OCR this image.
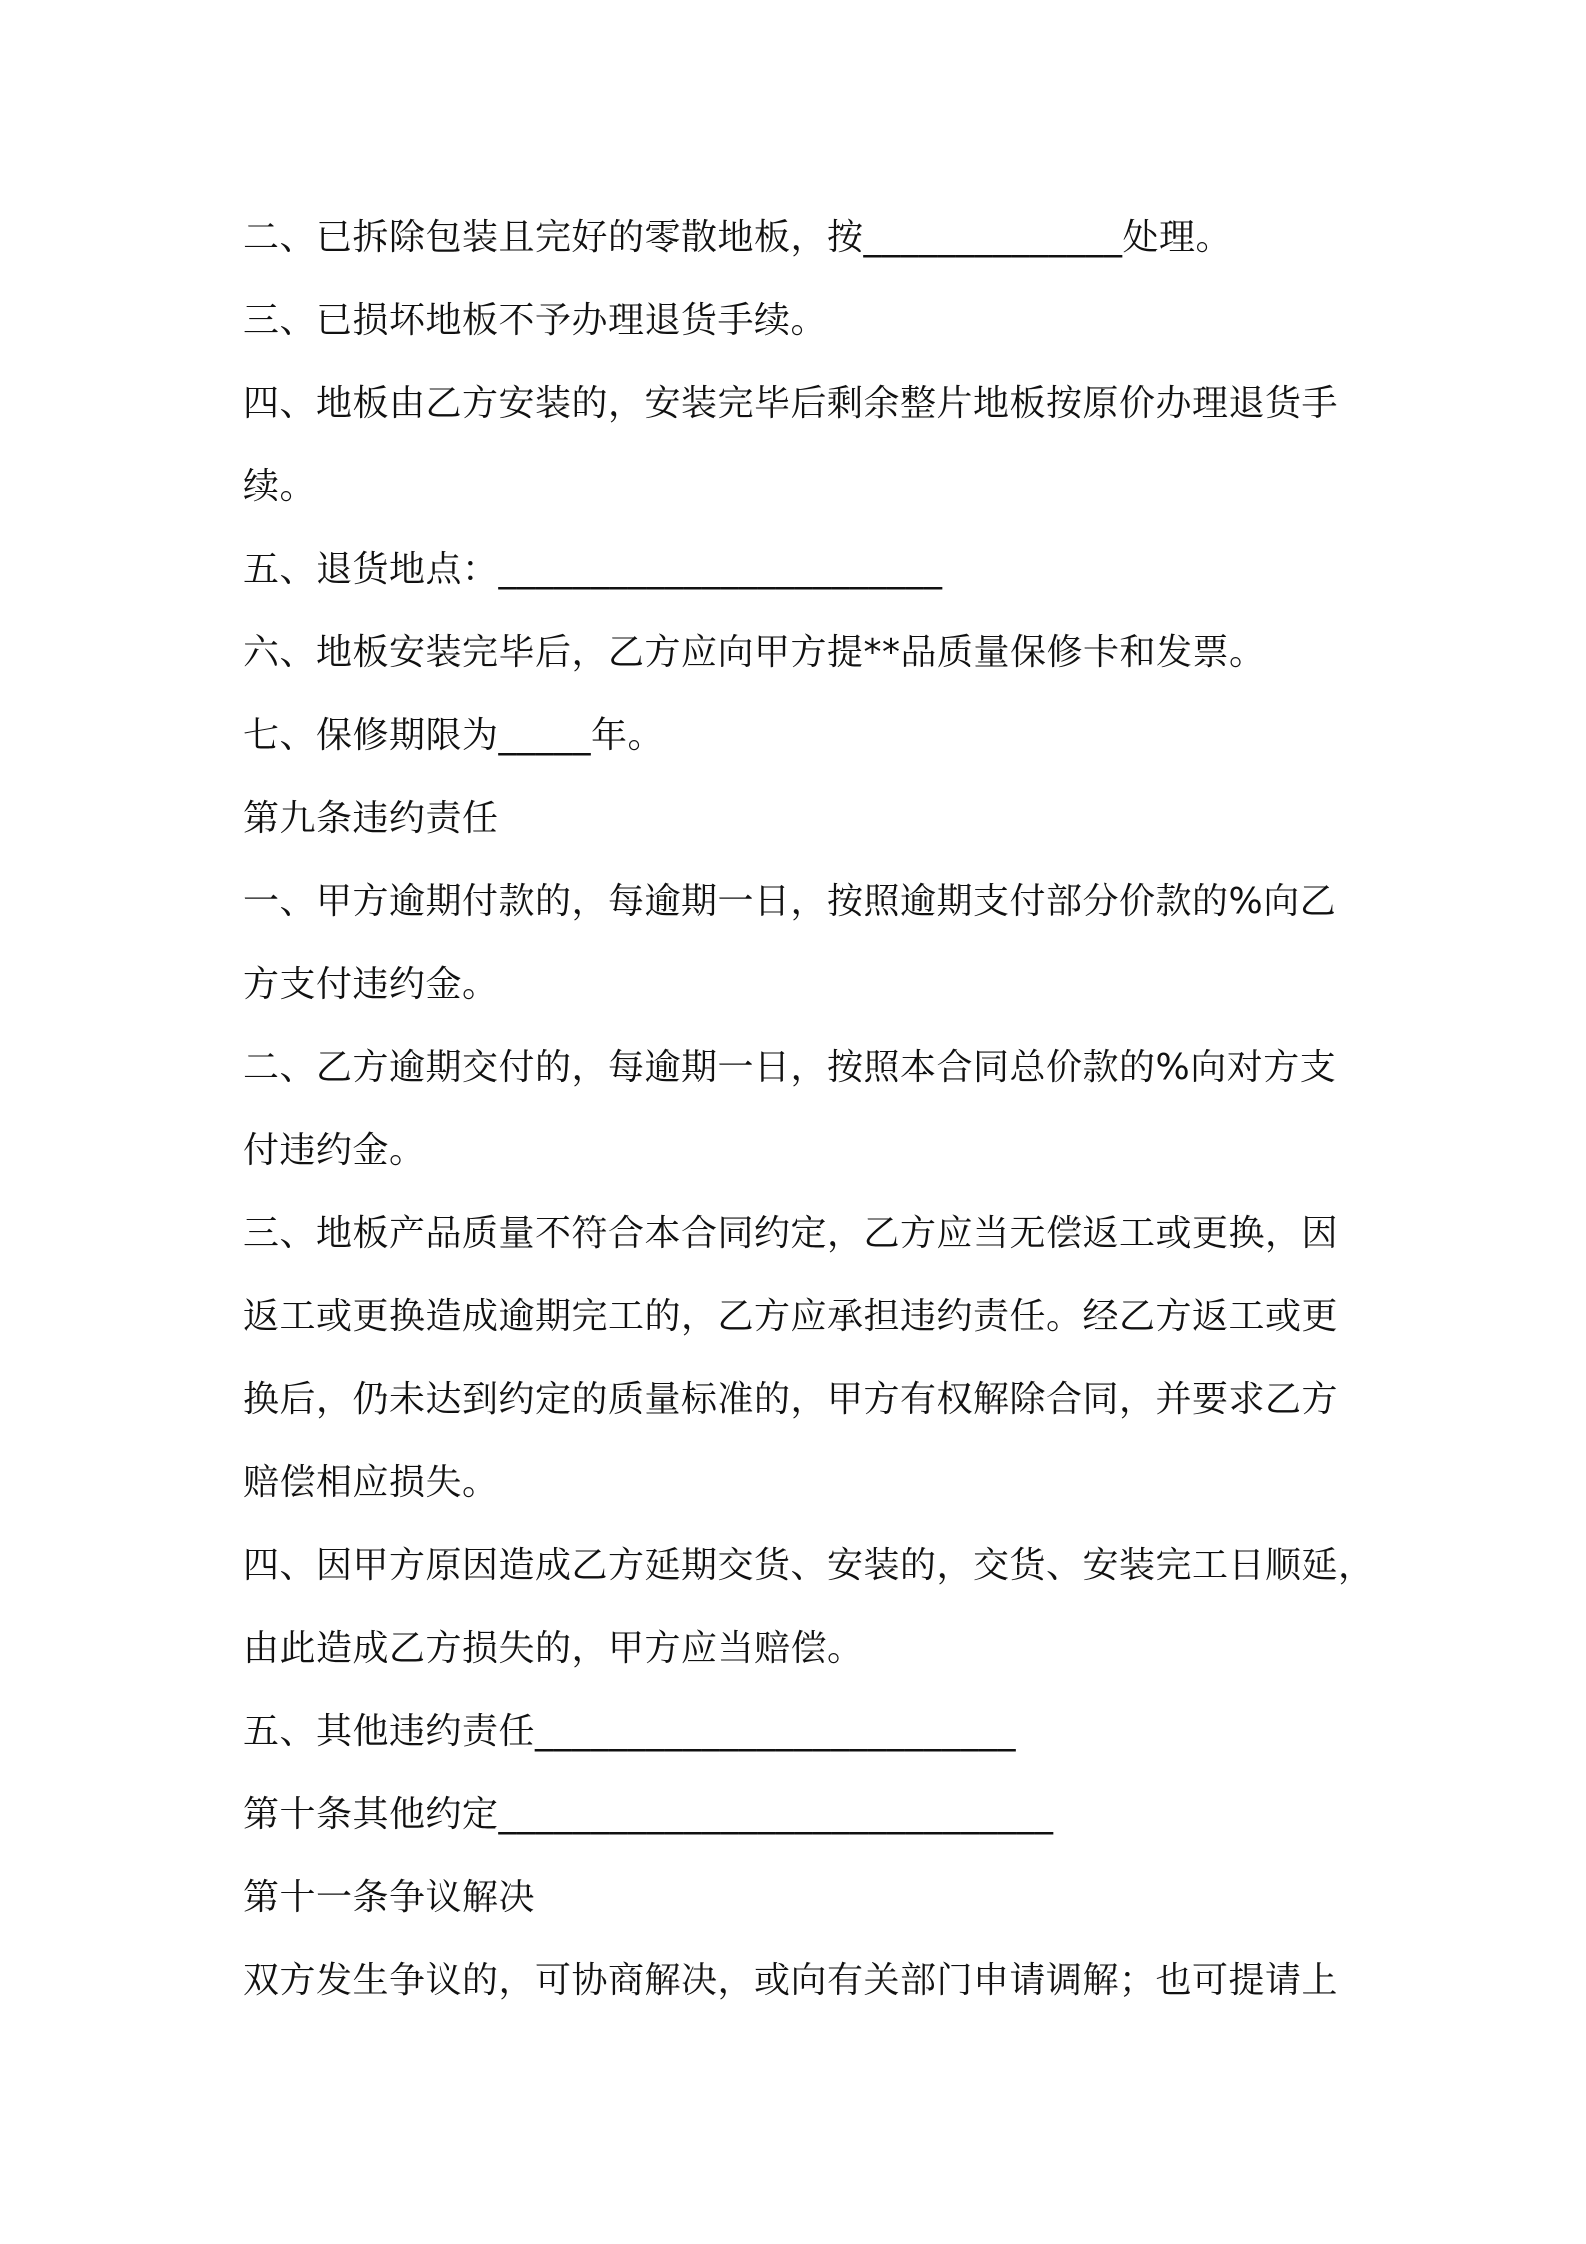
二、已拆除包装且完好的零散地板，按______________处理。
三、已损坏地板不予办理退货手续。
四、地板由乙方安装的，安装完毕后剩余整片地板按原价办理退货手
续。
五、退货地点：________________________
六、地板安装完毕后，乙方应向甲方提**品质量保修卡和发票。
七、保修期限为_____年。
第九条违约责任
一、甲方逾期付款的，每逾期一日，按照逾期支付部分价款的%向乙
方支付违约金。
二、乙方逾期交付的，每逾期一日，按照本合同总价款的%向对方支
付违约金。
三、地板产品质量不符合本合同约定，乙方应当无偿返工或更换，因
返工或更换造成逾期完工的，乙方应承担违约责任。经乙方返工或更
换后，仍未达到约定的质量标准的，甲方有权解除合同，并要求乙方
赔偿相应损失。
四、因甲方原因造成乙方延期交货、安装的，交货、安装完工日顺延，
由此造成乙方损失的，甲方应当赔偿。
五、其他违约责任__________________________
第十条其他约定______________________________
第十一条争议解决
双方发生争议的，可协商解决，或向有关部门申请调解；也可提请上
